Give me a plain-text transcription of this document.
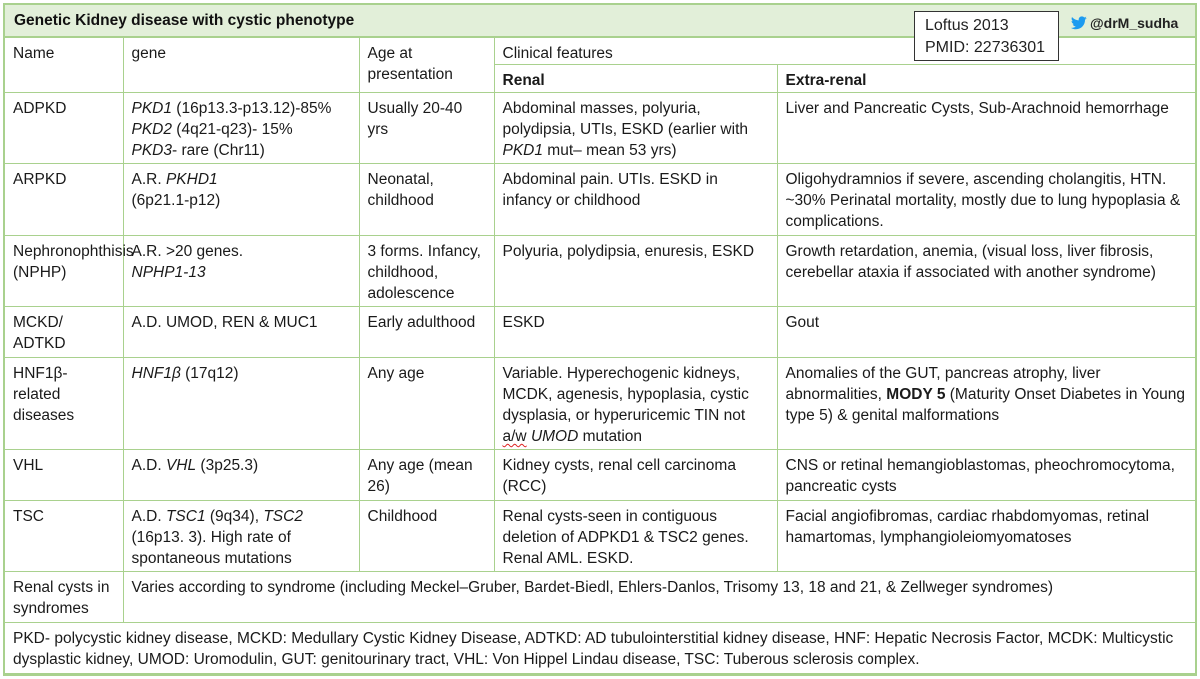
Genetic Kidney disease with cystic phenotype	Loftus 2013
PMID: 22736301
@drM_sudha
Name	gene	Age at presentation	Clinical features	
			Renal	Extra-renal
ADPKD	PKD1 (16p13.3-p13.12)-85%
PKD2 (4q21-q23)- 15%
PKD3- rare (Chr11)	Usually 20-40 yrs	Abdominal masses, polyuria, polydipsia, UTIs, ESKD (earlier with PKD1 mut– mean 53 yrs)	Liver and Pancreatic Cysts, Sub-Arachnoid hemorrhage
ARPKD	A.R. PKHD1
(6p21.1-p12)	Neonatal, childhood	Abdominal pain. UTIs. ESKD in infancy or childhood	Oligohydramnios if severe, ascending cholangitis, HTN. ~30% Perinatal mortality, mostly due to lung hypoplasia & complications.
Nephronophthisis (NPHP)	A.R. >20 genes.
NPHP1-13	3 forms. Infancy, childhood, adolescence	Polyuria, polydipsia, enuresis, ESKD	Growth retardation, anemia, (visual loss, liver fibrosis, cerebellar ataxia if associated with another syndrome)
MCKD/ ADTKD	A.D. UMOD, REN & MUC1	Early adulthood	ESKD	Gout
HNF1β-related diseases	HNF1β (17q12)	Any age	Variable. Hyperechogenic kidneys, MCDK, agenesis, hypoplasia, cystic dysplasia, or hyperuricemic TIN not a/w UMOD mutation	Anomalies of the GUT, pancreas atrophy, liver abnormalities, MODY 5 (Maturity Onset Diabetes in Young type 5) & genital malformations
VHL	A.D. VHL (3p25.3)	Any age (mean 26)	Kidney cysts, renal cell carcinoma (RCC)	CNS or retinal hemangioblastomas, pheochromocytoma, pancreatic cysts
TSC	A.D. TSC1 (9q34), TSC2 (16p13. 3). High rate of spontaneous mutations	Childhood	Renal cysts-seen in contiguous deletion of ADPKD1 & TSC2 genes. Renal AML. ESKD.	Facial angiofibromas, cardiac rhabdomyomas, retinal hamartomas, lymphangioleiomyomatoses
Renal cysts in syndromes	Varies according to syndrome (including Meckel–Gruber, Bardet-Biedl, Ehlers-Danlos, Trisomy 13, 18 and 21, & Zellweger syndromes)			
PKD- polycystic kidney disease, MCKD: Medullary Cystic Kidney Disease, ADTKD: AD tubulointerstitial kidney disease, HNF: Hepatic Necrosis Factor, MCDK: Multicystic dysplastic kidney, UMOD: Uromodulin, GUT: genitourinary tract, VHL: Von Hippel Lindau disease, TSC: Tuberous sclerosis complex.				
